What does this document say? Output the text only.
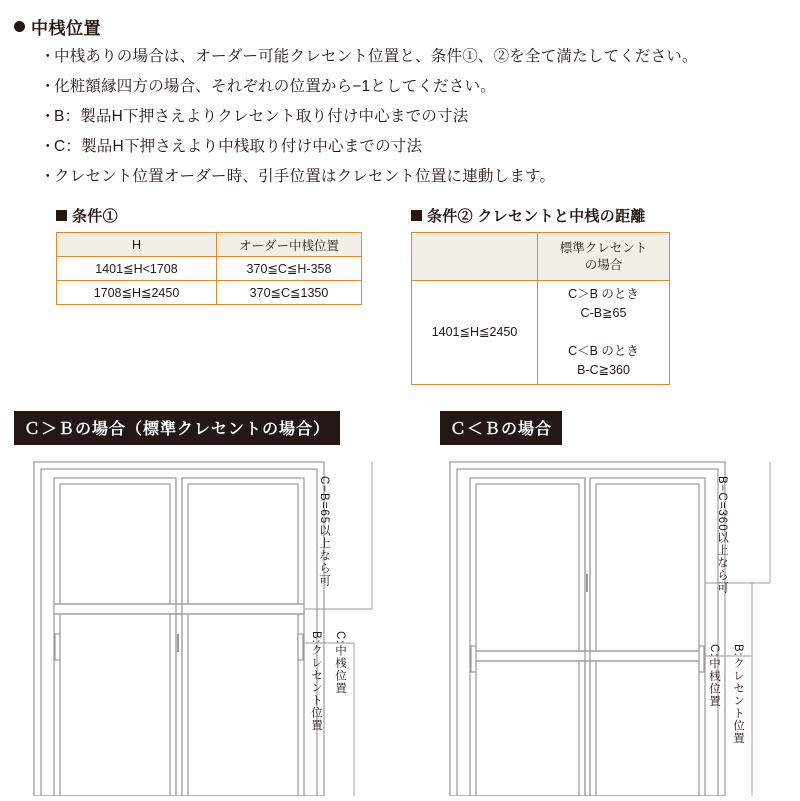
中桟位置
・
中桟ありの場合は、オーダー可能クレセント位置と、条件①、②を全て満たしてください。
・
化粧額縁四方の場合、それぞれの位置から−1としてください。
・
B：製品H下押さえよりクレセント取り付け中心までの寸法
・
C：製品H下押さえより中桟取り付け中心までの寸法
・
クレセント位置オーダー時、引手位置はクレセント位置に連動します。
条件①
H	オーダー中桟位置
1401≦H<1708	370≦C≦H-358
1708≦H≦2450	370≦C≦1350
条件② クレセントと中桟の距離

	標準クレセント
の場合

1401≦H≦2450	C＞B のとき
C-B≧65

C＜B のとき
B-C≧360
Ｃ＞Ｂの場合（標準クレセントの場合）	Ｃ＜Ｂの場合
C−B=65以上なら可
B:クレセント位置 C:中桟位置
B−C=360以上なら可
B:クレセント位置
C:中桟位置
